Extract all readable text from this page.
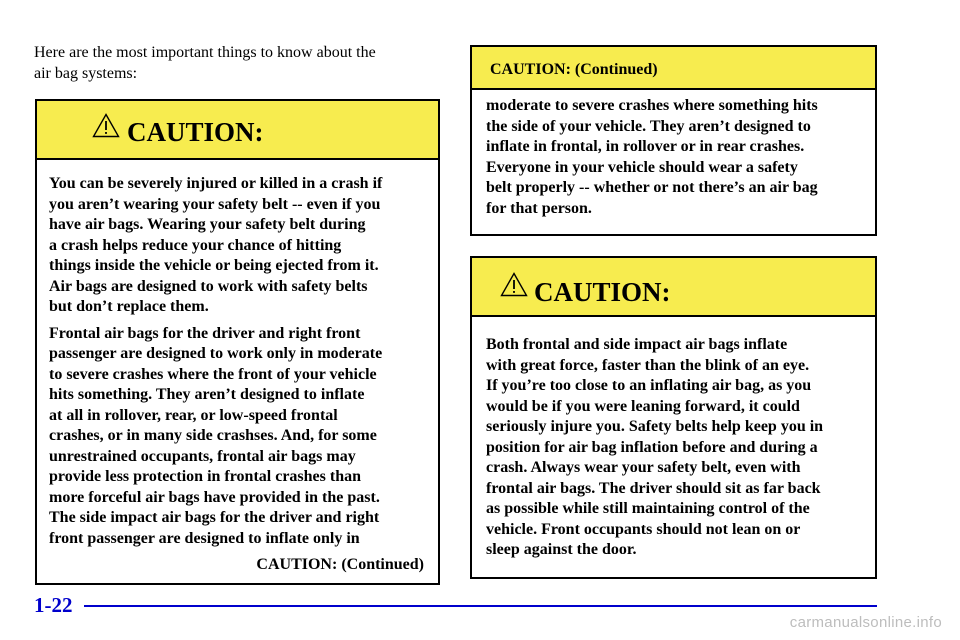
Here are the most important things to know about the
air bag systems:

CAUTION:

You can be severely injured or killed in a crash if
you aren’t wearing your safety belt -- even if you
have air bags. Wearing your safety belt during
a crash helps reduce your chance of hitting
things inside the vehicle or being ejected from it.
Air bags are designed to work with safety belts
but don’t replace them.

Frontal air bags for the driver and right front
passenger are designed to work only in moderate
to severe crashes where the front of your vehicle
hits something. They aren’t designed to inflate
at all in rollover, rear, or low-speed frontal
crashes, or in many side crashses. And, for some
unrestrained occupants, frontal air bags may
provide less protection in frontal crashes than
more forceful air bags have provided in the past.
The side impact air bags for the driver and right
front passenger are designed to inflate only in

CAUTION: (Continued)

CAUTION: (Continued)

moderate to severe crashes where something hits
the side of your vehicle. They aren’t designed to
inflate in frontal, in rollover or in rear crashes.
Everyone in your vehicle should wear a safety
belt properly -- whether or not there’s an air bag
for that person.

CAUTION:

Both frontal and side impact air bags inflate
with great force, faster than the blink of an eye.
If you’re too close to an inflating air bag, as you
would be if you were leaning forward, it could
seriously injure you. Safety belts help keep you in
position for air bag inflation before and during a
crash. Always wear your safety belt, even with
frontal air bags. The driver should sit as far back
as possible while still maintaining control of the
vehicle. Front occupants should not lean on or
sleep against the door.

1-22
carmanualsonline.info
